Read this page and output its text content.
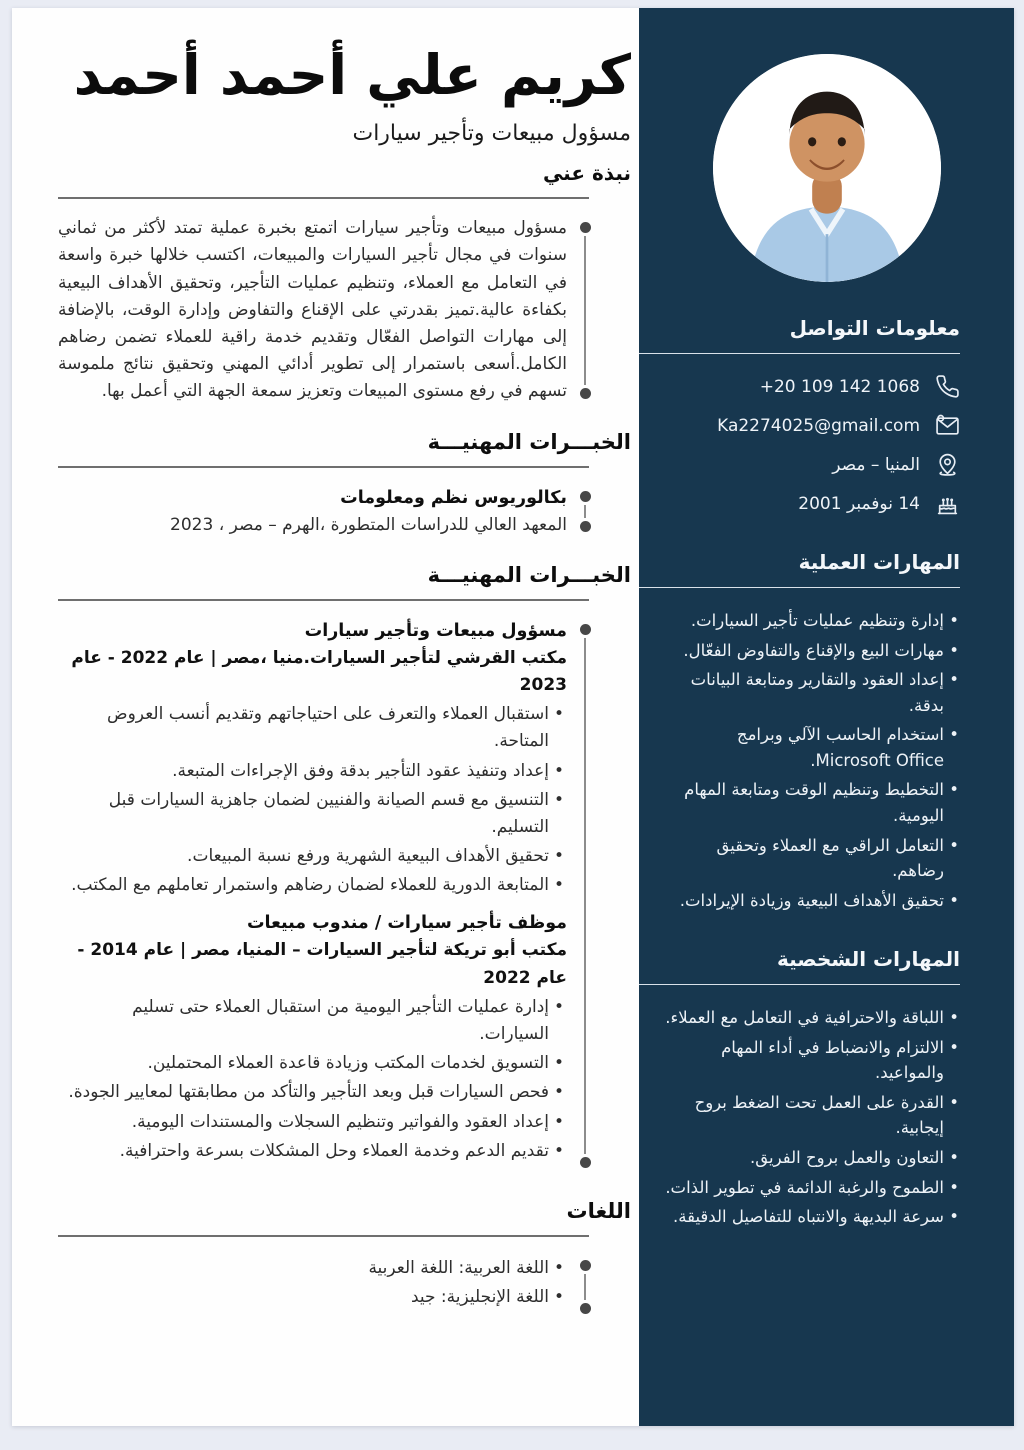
معلومات التواصل
+20 109 142 1068
Ka2274025@gmail.com
المنيا – مصر
14 نوفمبر 2001
المهارات العملية
• إدارة وتنظيم عمليات تأجير السيارات.
• مهارات البيع والإقناع والتفاوض الفعّال.
• إعداد العقود والتقارير ومتابعة البيانات بدقة.
• استخدام الحاسب الآلي وبرامج Microsoft Office.
• التخطيط وتنظيم الوقت ومتابعة المهام اليومية.
• التعامل الراقي مع العملاء وتحقيق رضاهم.
• تحقيق الأهداف البيعية وزيادة الإيرادات.
المهارات الشخصية
• اللباقة والاحترافية في التعامل مع العملاء.
• الالتزام والانضباط في أداء المهام والمواعيد.
• القدرة على العمل تحت الضغط بروح إيجابية.
• التعاون والعمل بروح الفريق.
• الطموح والرغبة الدائمة في تطوير الذات.
• سرعة البديهة والانتباه للتفاصيل الدقيقة.
كريم علي أحمد أحمد
مسؤول مبيعات وتأجير سيارات
نبذة عني
مسؤول مبيعات وتأجير سيارات اتمتع بخبرة عملية تمتد لأكثر من ثماني سنوات في مجال تأجير السيارات والمبيعات، اكتسب خلالها خبرة واسعة في التعامل مع العملاء، وتنظيم عمليات التأجير، وتحقيق الأهداف البيعية بكفاءة عالية.تميز بقدرتي على الإقناع والتفاوض وإدارة الوقت، بالإضافة إلى مهارات التواصل الفعّال وتقديم خدمة راقية للعملاء تضمن رضاهم الكامل.أسعى باستمرار إلى تطوير أدائي المهني وتحقيق نتائج ملموسة تسهم في رفع مستوى المبيعات وتعزيز سمعة الجهة التي أعمل بها.
الخبـــرات المهنيـــة
بكالوريوس نظم ومعلومات
المعهد العالي للدراسات المتطورة ،الهرم – مصر ، 2023
الخبـــرات المهنيـــة
مسؤول مبيعات وتأجير سيارات
مكتب القرشي لتأجير السيارات.منيا ،مصر | عام 2022 - عام 2023
• استقبال العملاء والتعرف على احتياجاتهم وتقديم أنسب العروض المتاحة.
• إعداد وتنفيذ عقود التأجير بدقة وفق الإجراءات المتبعة.
• التنسيق مع قسم الصيانة والفنيين لضمان جاهزية السيارات قبل التسليم.
• تحقيق الأهداف البيعية الشهرية ورفع نسبة المبيعات.
• المتابعة الدورية للعملاء لضمان رضاهم واستمرار تعاملهم مع المكتب.
موظف تأجير سيارات / مندوب مبيعات
مكتب أبو تريكة لتأجير السيارات – المنيا، مصر | عام 2014 - عام 2022
• إدارة عمليات التأجير اليومية من استقبال العملاء حتى تسليم السيارات.
• التسويق لخدمات المكتب وزيادة قاعدة العملاء المحتملين.
• فحص السيارات قبل وبعد التأجير والتأكد من مطابقتها لمعايير الجودة.
• إعداد العقود والفواتير وتنظيم السجلات والمستندات اليومية.
• تقديم الدعم وخدمة العملاء وحل المشكلات بسرعة واحترافية.
اللغات
• اللغة العربية: اللغة العربية
• اللغة الإنجليزية: جيد
